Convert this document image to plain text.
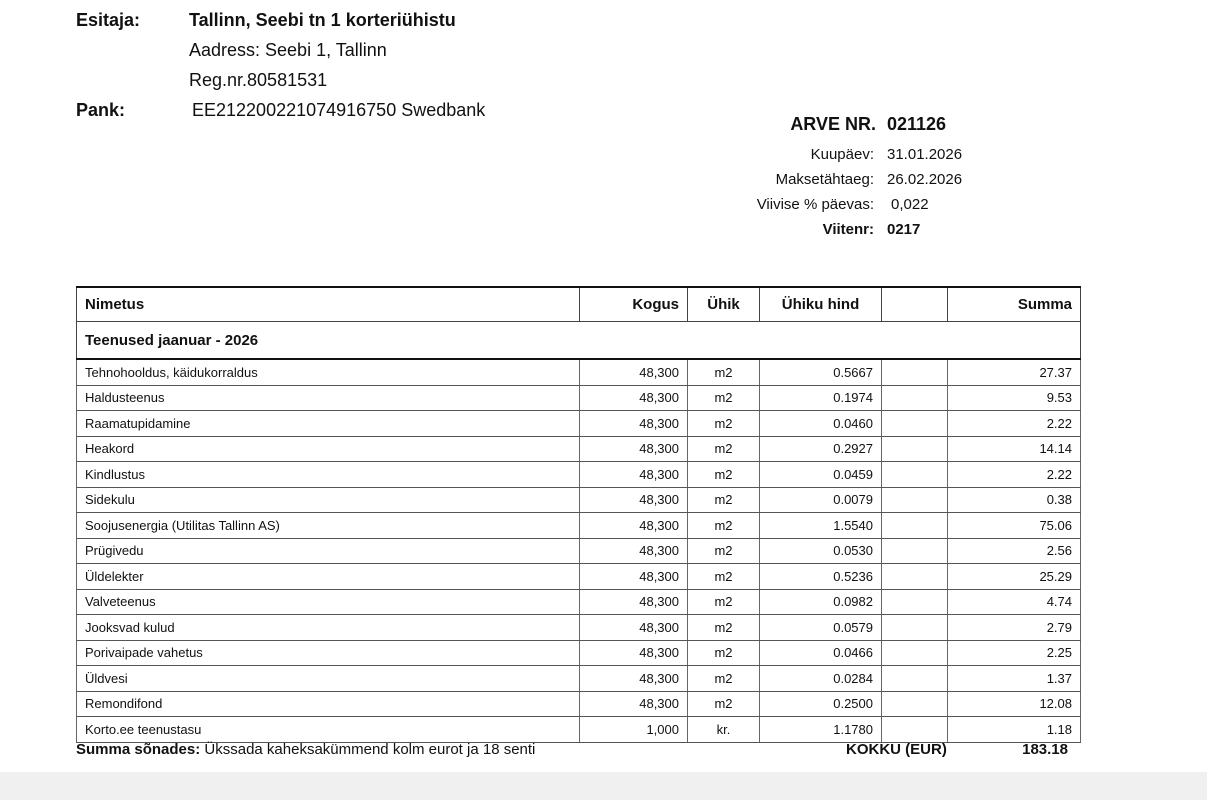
Esitaja:	Tallinn, Seebi tn 1 korteriühistu
Aadress: Seebi 1, Tallinn
Reg.nr.80581531
Pank:	EE212200221074916750 Swedbank
ARVE NR. 021126
Kuupäev: 31.01.2026
Maksetähtaeg: 26.02.2026
Viivise % päevas: 0,022
Viitenr: 0217
Nimetus	Kogus	Ühik	Ühiku hind		Summa
Teenused jaanuar - 2026					
Tehnohooldus, käidukorraldus	48,300	m2	0.5667		27.37
Haldusteenus	48,300	m2	0.1974		9.53
Raamatupidamine	48,300	m2	0.0460		2.22
Heakord	48,300	m2	0.2927		14.14
Kindlustus	48,300	m2	0.0459		2.22
Sidekulu	48,300	m2	0.0079		0.38
Soojusenergia (Utilitas Tallinn AS)	48,300	m2	1.5540		75.06
Prügivedu	48,300	m2	0.0530		2.56
Üldelekter	48,300	m2	0.5236		25.29
Valveteenus	48,300	m2	0.0982		4.74
Jooksvad kulud	48,300	m2	0.0579		2.79
Porivaipade vahetus	48,300	m2	0.0466		2.25
Üldvesi	48,300	m2	0.0284		1.37
Remondifond	48,300	m2	0.2500		12.08
Korto.ee teenustasu	1,000	kr.	1.1780		1.18
Summa sõnades: Ükssada kaheksakümmend kolm eurot ja 18 senti	KOKKU (EUR)	183.18
